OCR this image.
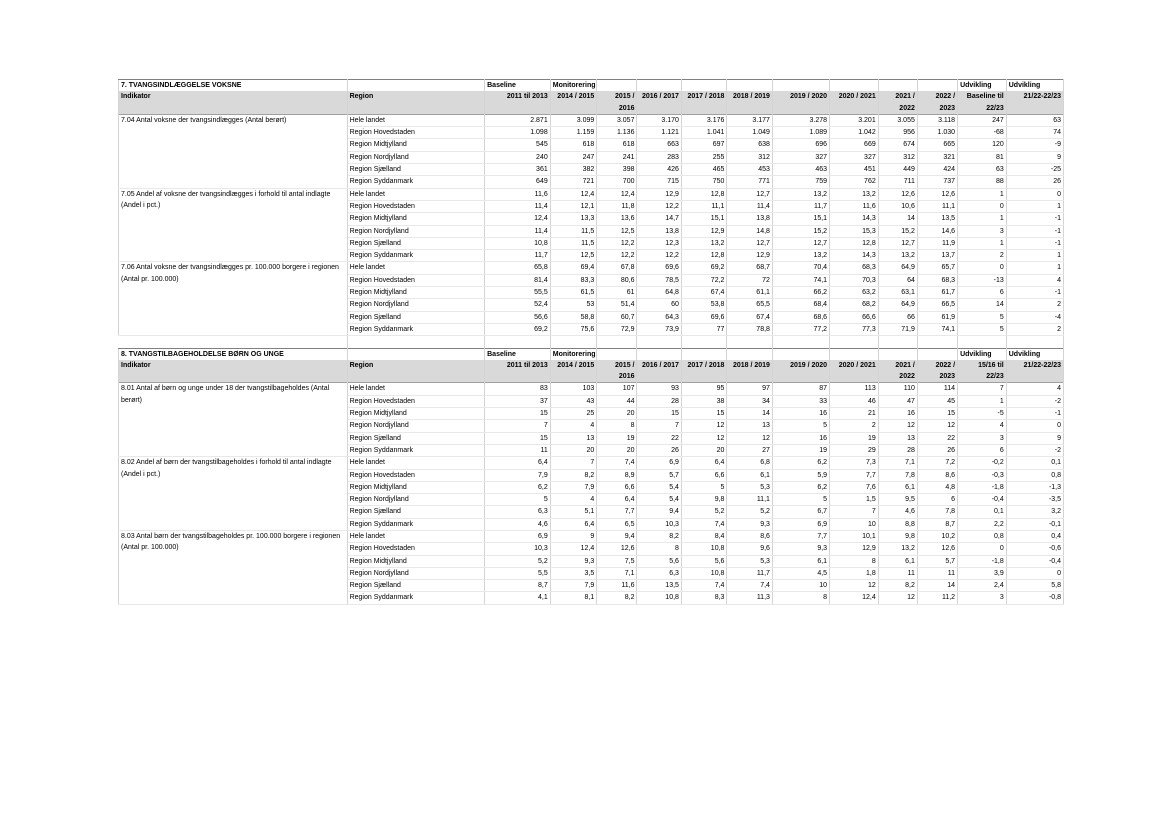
7. TVANGSINDLÆGGELSE VOKSNE		Baseline	Monitorering									Udvikling	Udvikling
Indikator	Region	2011 til 2013	2014 / 2015	2015 / 2016	2016 / 2017	2017 / 2018	2018 / 2019	2019 / 2020	2020 / 2021	2021 / 2022	2022 / 2023	Baseline til 22/23	21/22-22/23
7.04 Antal voksne der tvangsindlægges (Antal berørt)	Hele landet	2.871	3.099	3.057	3.170	3.176	3.177	3.278	3.201	3.055	3.118	247	63
	Region Hovedstaden	1.098	1.159	1.136	1.121	1.041	1.049	1.089	1.042	956	1.030	-68	74
	Region Midtjylland	545	618	618	663	697	638	696	669	674	665	120	-9
	Region Nordjylland	240	247	241	283	255	312	327	327	312	321	81	9
	Region Sjælland	361	382	398	426	465	453	463	451	449	424	63	-25
	Region Syddanmark	649	721	700	715	750	771	759	762	711	737	88	26
7.05 Andel af voksne der tvangsindlægges i forhold til antal indlagte (Andel i pct.)	Hele landet	11,6	12,4	12,4	12,9	12,8	12,7	13,2	13,2	12,6	12,6	1	0
	Region Hovedstaden	11,4	12,1	11,8	12,2	11,1	11,4	11,7	11,6	10,6	11,1	0	1
	Region Midtjylland	12,4	13,3	13,6	14,7	15,1	13,8	15,1	14,3	14	13,5	1	-1
	Region Nordjylland	11,4	11,5	12,5	13,8	12,9	14,8	15,2	15,3	15,2	14,6	3	-1
	Region Sjælland	10,8	11,5	12,2	12,3	13,2	12,7	12,7	12,8	12,7	11,9	1	-1
	Region Syddanmark	11,7	12,5	12,2	12,2	12,8	12,9	13,2	14,3	13,2	13,7	2	1
7.06 Antal voksne der tvangsindlægges pr. 100.000 borgere i regionen (Antal pr. 100.000)	Hele landet	65,8	69,4	67,8	69,6	69,2	68,7	70,4	68,3	64,9	65,7	0	1
	Region Hovedstaden	81,4	83,3	80,6	78,5	72,2	72	74,1	70,3	64	68,3	-13	4
	Region Midtjylland	55,5	61,5	61	64,8	67,4	61,1	66,2	63,2	63,1	61,7	6	-1
	Region Nordjylland	52,4	53	51,4	60	53,8	65,5	68,4	68,2	64,9	66,5	14	2
	Region Sjælland	56,6	58,8	60,7	64,3	69,6	67,4	68,6	66,6	66	61,9	5	-4
	Region Syddanmark	69,2	75,6	72,9	73,9	77	78,8	77,2	77,3	71,9	74,1	5	2

8. TVANGSTILBAGEHOLDELSE BØRN OG UNGE		Baseline	Monitorering									Udvikling	Udvikling
Indikator	Region	2011 til 2013	2014 / 2015	2015 / 2016	2016 / 2017	2017 / 2018	2018 / 2019	2019 / 2020	2020 / 2021	2021 / 2022	2022 / 2023	15/16 til 22/23	21/22-22/23
8.01 Antal af børn og unge under 18 der tvangstilbageholdes (Antal berørt)	Hele landet	83	103	107	93	95	97	87	113	110	114	7	4
	Region Hovedstaden	37	43	44	28	38	34	33	46	47	45	1	-2
	Region Midtjylland	15	25	20	15	15	14	16	21	16	15	-5	-1
	Region Nordjylland	7	4	8	7	12	13	5	2	12	12	4	0
	Region Sjælland	15	13	19	22	12	12	16	19	13	22	3	9
	Region Syddanmark	11	20	20	26	20	27	19	29	28	26	6	-2
8.02 Andel af børn der tvangstilbageholdes i forhold til antal indlagte (Andel i pct.)	Hele landet	6,4	7	7,4	6,9	6,4	6,8	6,2	7,3	7,1	7,2	-0,2	0,1
	Region Hovedstaden	7,9	8,2	8,9	5,7	6,6	6,1	5,9	7,7	7,8	8,6	-0,3	0,8
	Region Midtjylland	6,2	7,9	6,6	5,4	5	5,3	6,2	7,6	6,1	4,8	-1,8	-1,3
	Region Nordjylland	5	4	6,4	5,4	9,8	11,1	5	1,5	9,5	6	-0,4	-3,5
	Region Sjælland	6,3	5,1	7,7	9,4	5,2	5,2	6,7	7	4,6	7,8	0,1	3,2
	Region Syddanmark	4,6	6,4	6,5	10,3	7,4	9,3	6,9	10	8,8	8,7	2,2	-0,1
8.03 Antal børn der tvangstilbageholdes pr. 100.000 borgere i regionen (Antal pr. 100.000)	Hele landet	6,9	9	9,4	8,2	8,4	8,6	7,7	10,1	9,8	10,2	0,8	0,4
	Region Hovedstaden	10,3	12,4	12,6	8	10,8	9,6	9,3	12,9	13,2	12,6	0	-0,6
	Region Midtjylland	5,2	9,3	7,5	5,6	5,6	5,3	6,1	8	6,1	5,7	-1,8	-0,4
	Region Nordjylland	5,5	3,5	7,1	6,3	10,8	11,7	4,5	1,8	11	11	3,9	0
	Region Sjælland	8,7	7,9	11,6	13,5	7,4	7,4	10	12	8,2	14	2,4	5,8
	Region Syddanmark	4,1	8,1	8,2	10,8	8,3	11,3	8	12,4	12	11,2	3	-0,8
